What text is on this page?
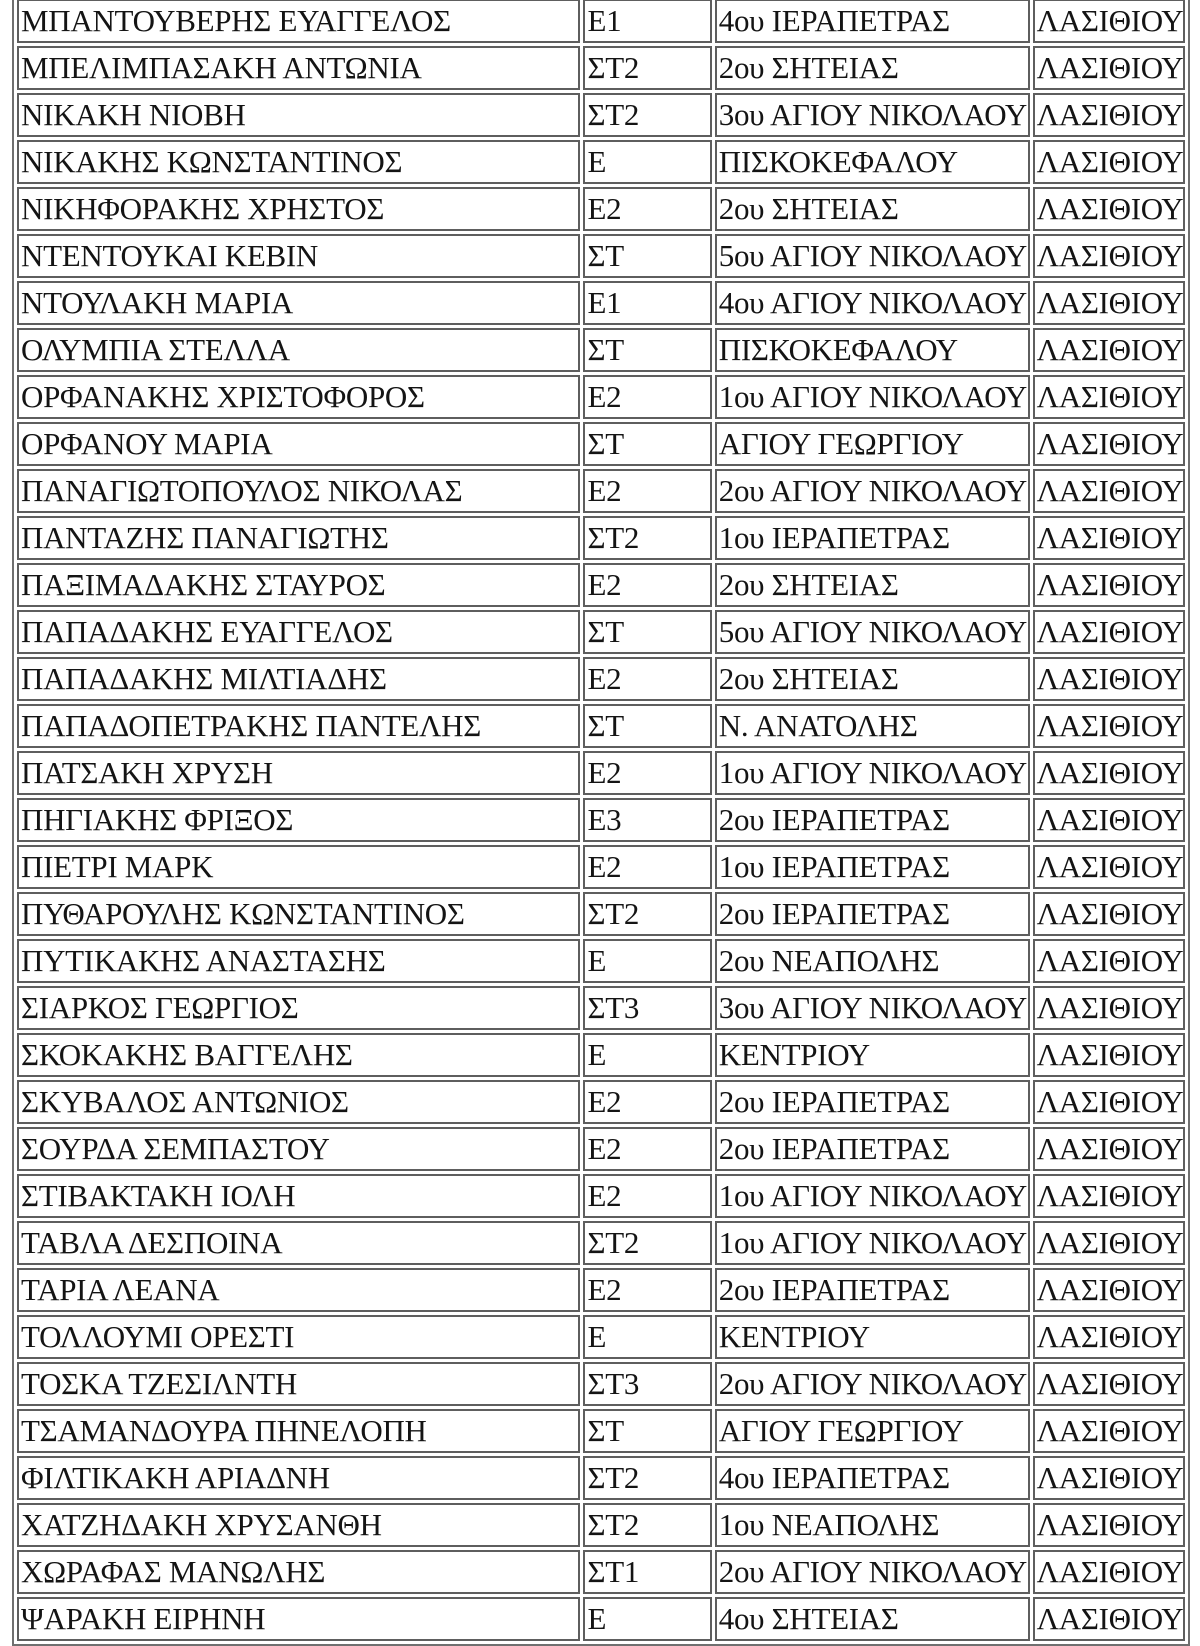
ΜΠΑΝΤΟΥΒΕΡΗΣ ΕΥΑΓΓΕΛΟΣ	Ε1	4ου ΙΕΡΑΠΕΤΡΑΣ	ΛΑΣΙΘΙΟΥ
ΜΠΕΛΙΜΠΑΣΑΚΗ ΑΝΤΩΝΙΑ	ΣΤ2	2ου ΣΗΤΕΙΑΣ	ΛΑΣΙΘΙΟΥ
ΝΙΚΑΚΗ ΝΙΟΒΗ	ΣΤ2	3ου ΑΓΙΟΥ ΝΙΚΟΛΑΟΥ	ΛΑΣΙΘΙΟΥ
ΝΙΚΑΚΗΣ ΚΩΝΣΤΑΝΤΙΝΟΣ	Ε	ΠΙΣΚΟΚΕΦΑΛΟΥ	ΛΑΣΙΘΙΟΥ
ΝΙΚΗΦΟΡΑΚΗΣ ΧΡΗΣΤΟΣ	Ε2	2ου ΣΗΤΕΙΑΣ	ΛΑΣΙΘΙΟΥ
ΝΤΕΝΤΟΥΚΑΙ ΚΕΒΙΝ	ΣΤ	5ου ΑΓΙΟΥ ΝΙΚΟΛΑΟΥ	ΛΑΣΙΘΙΟΥ
ΝΤΟΥΛΑΚΗ ΜΑΡΙΑ	Ε1	4ου ΑΓΙΟΥ ΝΙΚΟΛΑΟΥ	ΛΑΣΙΘΙΟΥ
ΟΛΥΜΠΙΑ ΣΤΕΛΛΑ	ΣΤ	ΠΙΣΚΟΚΕΦΑΛΟΥ	ΛΑΣΙΘΙΟΥ
ΟΡΦΑΝΑΚΗΣ ΧΡΙΣΤΟΦΟΡΟΣ	Ε2	1ου ΑΓΙΟΥ ΝΙΚΟΛΑΟΥ	ΛΑΣΙΘΙΟΥ
ΟΡΦΑΝΟΥ ΜΑΡΙΑ	ΣΤ	ΑΓΙΟΥ ΓΕΩΡΓΙΟΥ	ΛΑΣΙΘΙΟΥ
ΠΑΝΑΓΙΩΤΟΠΟΥΛΟΣ ΝΙΚΟΛΑΣ	Ε2	2ου ΑΓΙΟΥ ΝΙΚΟΛΑΟΥ	ΛΑΣΙΘΙΟΥ
ΠΑΝΤΑΖΗΣ ΠΑΝΑΓΙΩΤΗΣ	ΣΤ2	1ου ΙΕΡΑΠΕΤΡΑΣ	ΛΑΣΙΘΙΟΥ
ΠΑΞΙΜΑΔΑΚΗΣ ΣΤΑΥΡΟΣ	Ε2	2ου ΣΗΤΕΙΑΣ	ΛΑΣΙΘΙΟΥ
ΠΑΠΑΔΑΚΗΣ ΕΥΑΓΓΕΛΟΣ	ΣΤ	5ου ΑΓΙΟΥ ΝΙΚΟΛΑΟΥ	ΛΑΣΙΘΙΟΥ
ΠΑΠΑΔΑΚΗΣ ΜΙΛΤΙΑΔΗΣ	Ε2	2ου ΣΗΤΕΙΑΣ	ΛΑΣΙΘΙΟΥ
ΠΑΠΑΔΟΠΕΤΡΑΚΗΣ ΠΑΝΤΕΛΗΣ	ΣΤ	Ν. ΑΝΑΤΟΛΗΣ	ΛΑΣΙΘΙΟΥ
ΠΑΤΣΑΚΗ ΧΡΥΣΗ	Ε2	1ου ΑΓΙΟΥ ΝΙΚΟΛΑΟΥ	ΛΑΣΙΘΙΟΥ
ΠΗΓΙΑΚΗΣ ΦΡΙΞΟΣ	Ε3	2ου ΙΕΡΑΠΕΤΡΑΣ	ΛΑΣΙΘΙΟΥ
ΠΙΕΤΡΙ ΜΑΡΚ	Ε2	1ου ΙΕΡΑΠΕΤΡΑΣ	ΛΑΣΙΘΙΟΥ
ΠΥΘΑΡΟΥΛΗΣ ΚΩΝΣΤΑΝΤΙΝΟΣ	ΣΤ2	2ου ΙΕΡΑΠΕΤΡΑΣ	ΛΑΣΙΘΙΟΥ
ΠΥΤΙΚΑΚΗΣ ΑΝΑΣΤΑΣΗΣ	Ε	2ου ΝΕΑΠΟΛΗΣ	ΛΑΣΙΘΙΟΥ
ΣΙΑΡΚΟΣ ΓΕΩΡΓΙΟΣ	ΣΤ3	3ου ΑΓΙΟΥ ΝΙΚΟΛΑΟΥ	ΛΑΣΙΘΙΟΥ
ΣΚΟΚΑΚΗΣ ΒΑΓΓΕΛΗΣ	Ε	ΚΕΝΤΡΙΟΥ	ΛΑΣΙΘΙΟΥ
ΣΚΥΒΑΛΟΣ ΑΝΤΩΝΙΟΣ	Ε2	2ου ΙΕΡΑΠΕΤΡΑΣ	ΛΑΣΙΘΙΟΥ
ΣΟΥΡΔΑ ΣΕΜΠΑΣΤΟΥ	Ε2	2ου ΙΕΡΑΠΕΤΡΑΣ	ΛΑΣΙΘΙΟΥ
ΣΤΙΒΑΚΤΑΚΗ ΙΟΛΗ	Ε2	1ου ΑΓΙΟΥ ΝΙΚΟΛΑΟΥ	ΛΑΣΙΘΙΟΥ
ΤΑΒΛΑ ΔΕΣΠΟΙΝΑ	ΣΤ2	1ου ΑΓΙΟΥ ΝΙΚΟΛΑΟΥ	ΛΑΣΙΘΙΟΥ
ΤΑΡΙΑ ΛΕΑΝΑ	Ε2	2ου ΙΕΡΑΠΕΤΡΑΣ	ΛΑΣΙΘΙΟΥ
ΤΟΛΛΟΥΜΙ ΟΡΕΣΤΙ	Ε	ΚΕΝΤΡΙΟΥ	ΛΑΣΙΘΙΟΥ
ΤΟΣΚΑ ΤΖΕΣΙΛΝΤΗ	ΣΤ3	2ου ΑΓΙΟΥ ΝΙΚΟΛΑΟΥ	ΛΑΣΙΘΙΟΥ
ΤΣΑΜΑΝΔΟΥΡΑ ΠΗΝΕΛΟΠΗ	ΣΤ	ΑΓΙΟΥ ΓΕΩΡΓΙΟΥ	ΛΑΣΙΘΙΟΥ
ΦΙΛΤΙΚΑΚΗ ΑΡΙΑΔΝΗ	ΣΤ2	4ου ΙΕΡΑΠΕΤΡΑΣ	ΛΑΣΙΘΙΟΥ
ΧΑΤΖΗΔΑΚΗ ΧΡΥΣΑΝΘΗ	ΣΤ2	1ου ΝΕΑΠΟΛΗΣ	ΛΑΣΙΘΙΟΥ
ΧΩΡΑΦΑΣ ΜΑΝΩΛΗΣ	ΣΤ1	2ου ΑΓΙΟΥ ΝΙΚΟΛΑΟΥ	ΛΑΣΙΘΙΟΥ
ΨΑΡΑΚΗ ΕΙΡΗΝΗ	Ε	4ου ΣΗΤΕΙΑΣ	ΛΑΣΙΘΙΟΥ
